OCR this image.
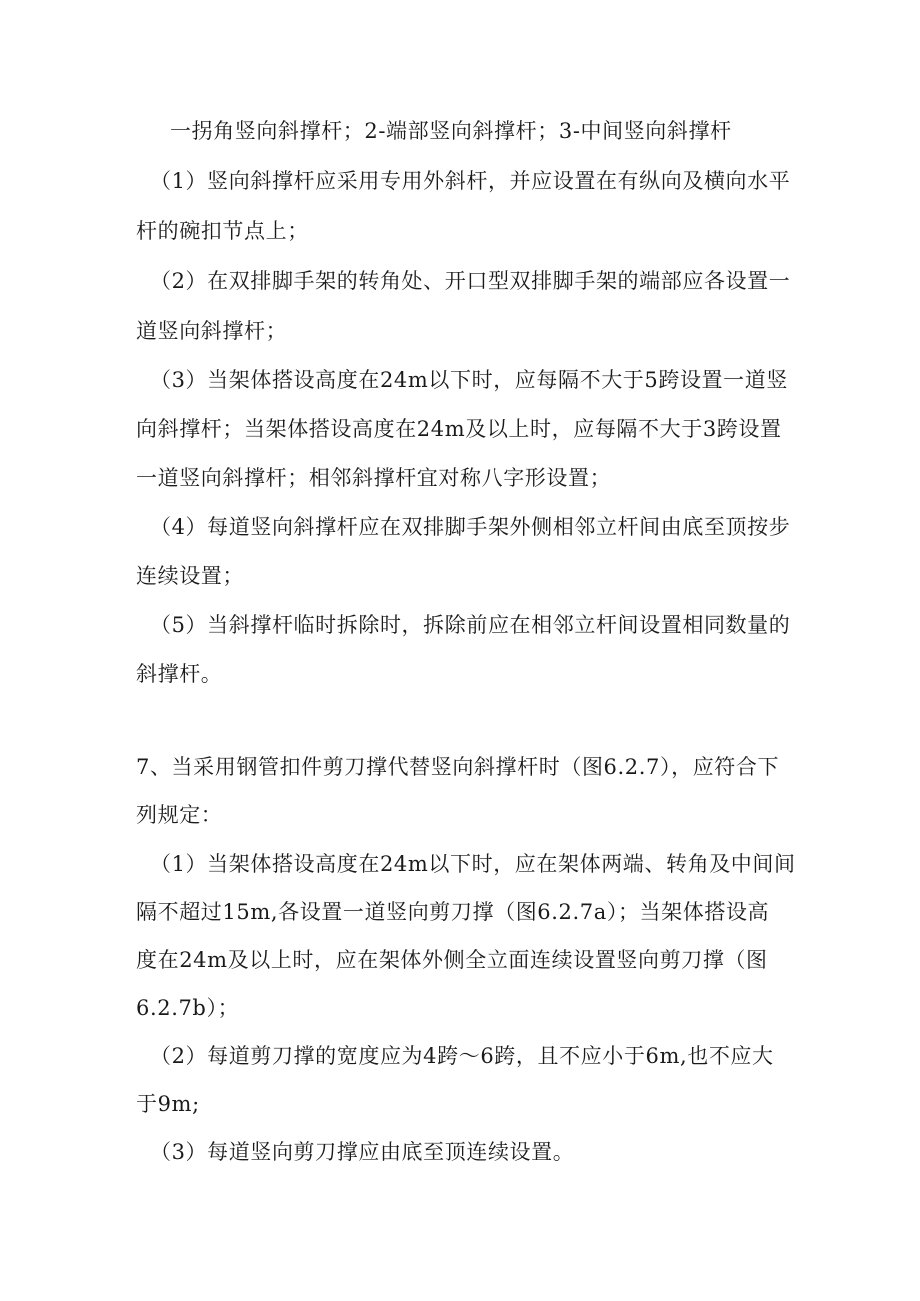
一拐角竖向斜撑杆；2-端部竖向斜撑杆；3-中间竖向斜撑杆
（1）竖向斜撑杆应采用专用外斜杆，并应设置在有纵向及横向水平
杆的碗扣节点上；
（2）在双排脚手架的转角处、开口型双排脚手架的端部应各设置一
道竖向斜撑杆；
（3）当架体搭设高度在24m以下时，应每隔不大于5跨设置一道竖
向斜撑杆；当架体搭设高度在24m及以上时，应每隔不大于3跨设置
一道竖向斜撑杆；相邻斜撑杆宜对称八字形设置；
（4）每道竖向斜撑杆应在双排脚手架外侧相邻立杆间由底至顶按步
连续设置；
（5）当斜撑杆临时拆除时，拆除前应在相邻立杆间设置相同数量的
斜撑杆。
7、当采用钢管扣件剪刀撑代替竖向斜撑杆时（图6.2.7），应符合下
列规定：
（1）当架体搭设高度在24m以下时，应在架体两端、转角及中间间
隔不超过15m,各设置一道竖向剪刀撑（图6.2.7a）；当架体搭设高
度在24m及以上时，应在架体外侧全立面连续设置竖向剪刀撑（图
6.2.7b）；
（2）每道剪刀撑的宽度应为4跨～6跨，且不应小于6m,也不应大
于9m;
（3）每道竖向剪刀撑应由底至顶连续设置。
